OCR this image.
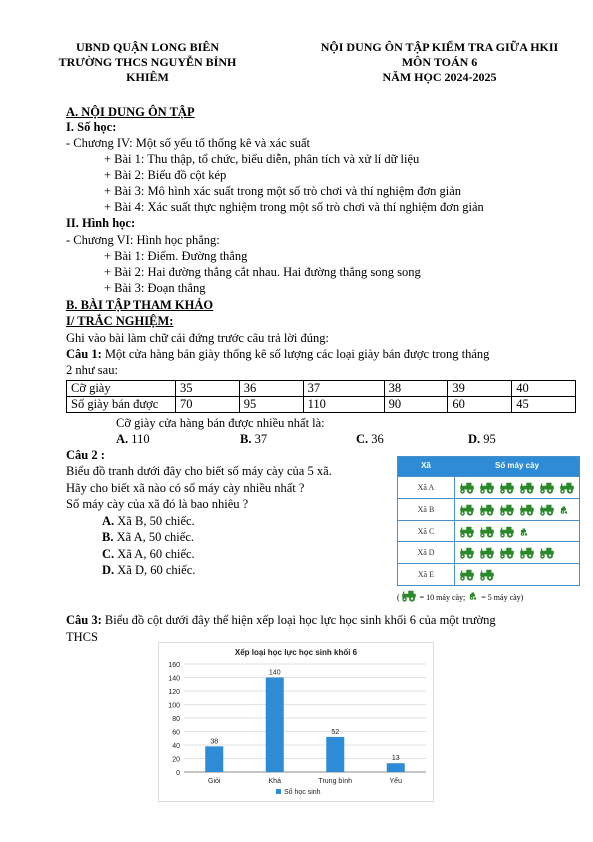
UBND QUẬN LONG BIÊN
TRƯỜNG THCS NGUYỄN BỈNH KHIÊM
NỘI DUNG ÔN TẬP KIỂM TRA GIỮA HKII
MÔN TOÁN 6
NĂM HỌC 2024-2025
A. NỘI DUNG ÔN TẬP
I. Số học:
- Chương IV: Một số yếu tố thống kê và xác suất
+ Bài 1: Thu thập, tổ chức, biểu diễn, phân tích và xử lí dữ liệu
+ Bài 2: Biểu đồ cột kép
+ Bài 3: Mô hình xác suất trong một số trò chơi và thí nghiệm đơn giản
+ Bài 4: Xác suất thực nghiệm trong một số trò chơi và thí nghiệm đơn giản
II. Hình học:
- Chương VI: Hình học phẳng:
+ Bài 1: Điểm. Đường thẳng
+ Bài 2: Hai đường thẳng cắt nhau. Hai đường thẳng song song
+ Bài 3: Đoạn thẳng
B. BÀI TẬP THAM KHẢO
I/ TRẮC NGHIỆM:
Ghi vào bài làm chữ cái đứng trước câu trả lời đúng:
Câu 1: Một cửa hàng bán giày thống kê số lượng các loại giày bán được trong tháng
2 như sau:
Cỡ giày	35	36	37	38	39	40
Số giày bán được	70	95	110	90	60	45
Cỡ giày cửa hàng bán được nhiều nhất là:
A. 110	B. 37	C. 36	D. 95
Câu 2 :
Biểu đồ tranh dưới đây cho biết số máy cày của 5 xã.
Hãy cho biết xã nào có số máy cày nhiều nhất ?
Số máy cày của xã đó là bao nhiêu ?
A. Xã B, 50 chiếc.
B. Xã A, 50 chiếc.
C. Xã A, 60 chiếc.
D. Xã D, 60 chiếc.
Xã	Số máy cày
Xã A
Xã B
Xã C
Xã D
Xã E
(	= 10 máy cày; = 5 máy cày)
Câu 3: Biểu đồ cột dưới đây thể hiện xếp loại học lực học sinh khối 6 của một trường
THCS
Xếp loại học lực học sinh khối 6
0
20
40
60
80
100
120
140
160
38
Giỏi
140
Khá
52
Trung bình
13
Yếu
Số học sinh
